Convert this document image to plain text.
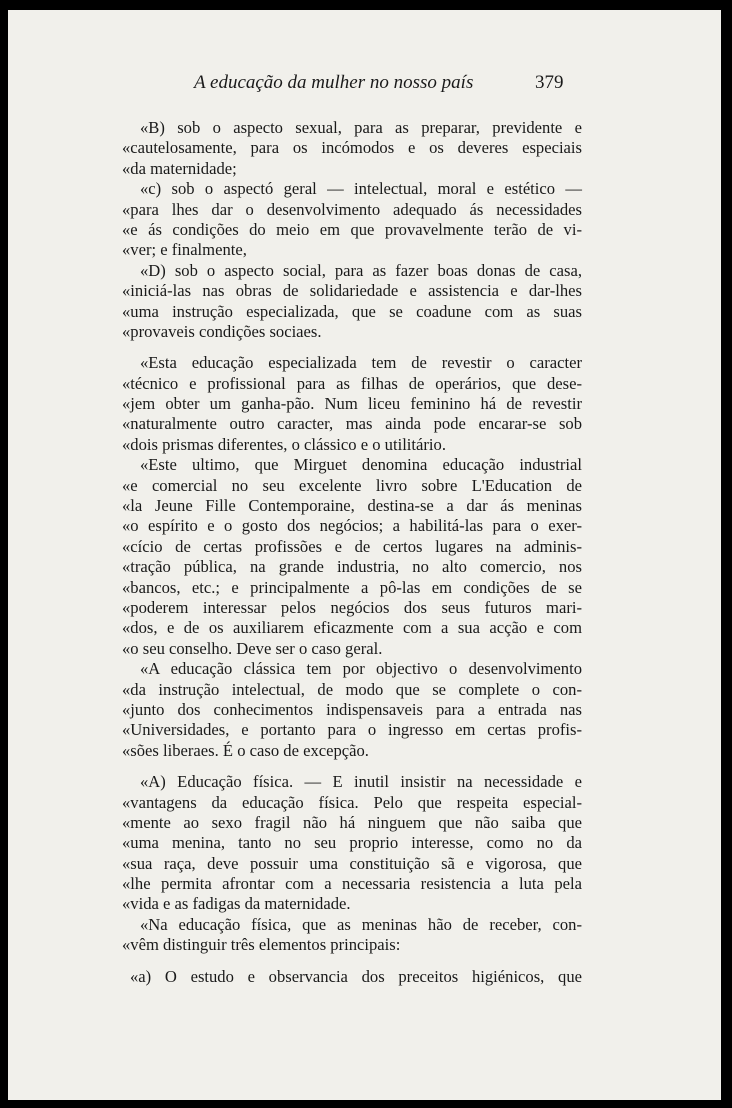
A educação da mulher no nosso país	379
«B) sob o aspecto sexual, para as preparar, previdente e
«cautelosamente, para os incómodos e os deveres especiais
«da maternidade;
«c) sob o aspectó geral — intelectual, moral e estético —
«para lhes dar o desenvolvimento adequado ás necessidades
«e ás condições do meio em que provavelmente terão de vi-
«ver; e finalmente,
«D) sob o aspecto social, para as fazer boas donas de casa,
«iniciá-las nas obras de solidariedade e assistencia e dar-lhes
«uma instrução especializada, que se coadune com as suas
«provaveis condições sociaes.
«Esta educação especializada tem de revestir o caracter
«técnico e profissional para as filhas de operários, que dese-
«jem obter um ganha-pão. Num liceu feminino há de revestir
«naturalmente outro caracter, mas ainda pode encarar-se sob
«dois prismas diferentes, o clássico e o utilitário.
«Este ultimo, que Mirguet denomina educação industrial
«e comercial no seu excelente livro sobre L'Education de
«la Jeune Fille Contemporaine, destina-se a dar ás meninas
«o espírito e o gosto dos negócios; a habilitá-las para o exer-
«cício de certas profissões e de certos lugares na adminis-
«tração pública, na grande industria, no alto comercio, nos
«bancos, etc.; e principalmente a pô-las em condições de se
«poderem interessar pelos negócios dos seus futuros mari-
«dos, e de os auxiliarem eficazmente com a sua acção e com
«o seu conselho. Deve ser o caso geral.
«A educação clássica tem por objectivo o desenvolvimento
«da instrução intelectual, de modo que se complete o con-
«junto dos conhecimentos indispensaveis para a entrada nas
«Universidades, e portanto para o ingresso em certas profis-
«sões liberaes. É o caso de excepção.
«A) Educação física. — E inutil insistir na necessidade e
«vantagens da educação física. Pelo que respeita especial-
«mente ao sexo fragil não há ninguem que não saiba que
«uma menina, tanto no seu proprio interesse, como no da
«sua raça, deve possuir uma constituição sã e vigorosa, que
«lhe permita afrontar com a necessaria resistencia a luta pela
«vida e as fadigas da maternidade.
«Na educação física, que as meninas hão de receber, con-
«vêm distinguir três elementos principais:
«a) O estudo e observancia dos preceitos higiénicos, que
